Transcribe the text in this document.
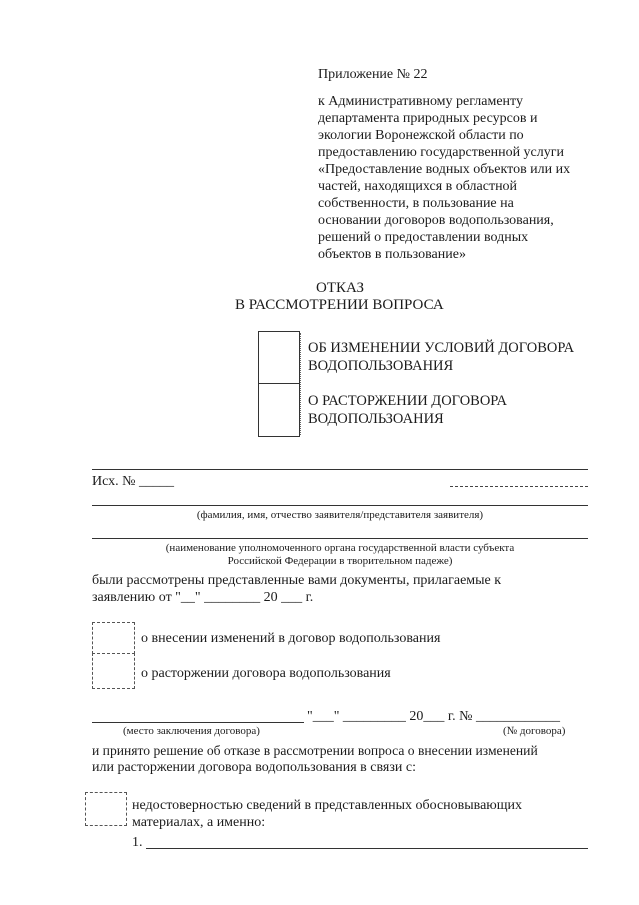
Приложение № 22
к Административному регламенту
департамента природных ресурсов и
экологии Воронежской области по
предоставлению государственной услуги
«Предоставление водных объектов или их
частей, находящихся в областной
собственности, в пользование на
основании договоров водопользования,
решений о предоставлении водных
объектов в пользование»
ОТКАЗ
В РАССМОТРЕНИИ ВОПРОСА
ОБ ИЗМЕНЕНИИ УСЛОВИЙ ДОГОВОРА
ВОДОПОЛЬЗОВАНИЯ
О РАСТОРЖЕНИИ ДОГОВОРА
ВОДОПОЛЬЗОАНИЯ
Исх. № _____
(фамилия, имя, отчество заявителя/представителя заявителя)
(наименование уполномоченного органа государственной власти субъекта
Российской Федерации в творительном падеже)
были рассмотрены представленные вами документы, прилагаемые к
заявлению от "__" ________ 20 ___ г.
о внесении изменений в договор водопользования
о расторжении договора водопользования
"___" _________ 20___ г. № ____________
(место заключения договора)	(№ договора)
и принято решение об отказе в рассмотрении вопроса о внесении изменений
или расторжении договора водопользования в связи с:
недостоверностью сведений в представленных обосновывающих
материалах, а именно:
1.
